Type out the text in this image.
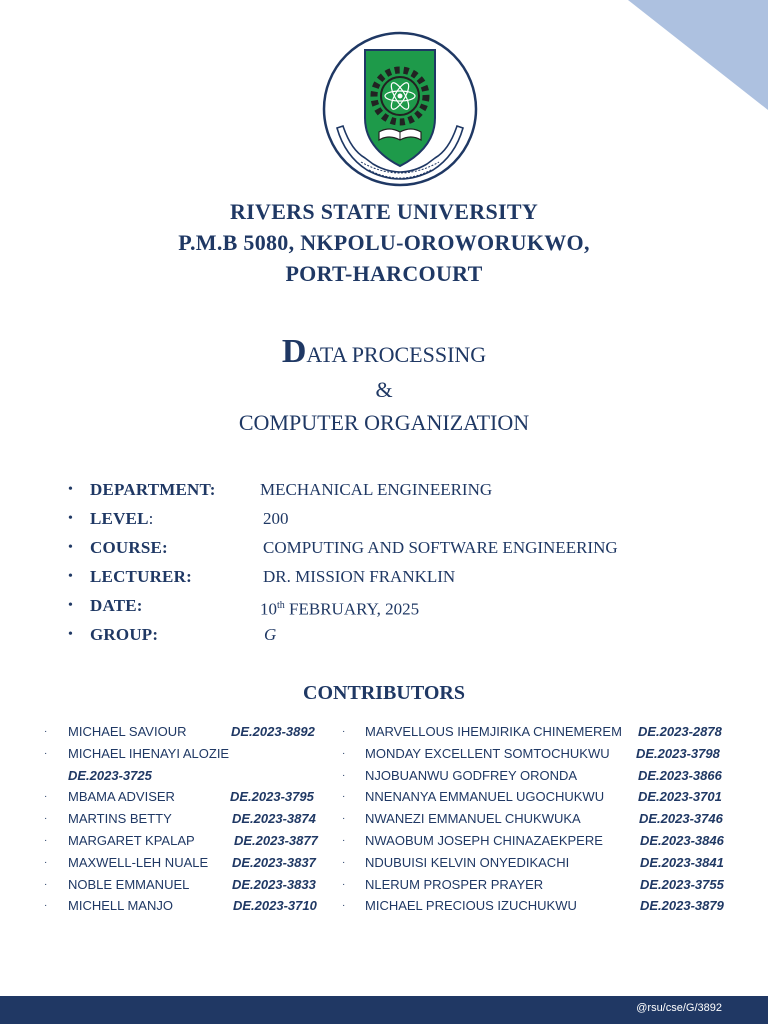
RIVERS STATE UNIVERSITY
P.M.B 5080, NKPOLU-OROWORUKWO,
PORT-HARCOURT
DATA PROCESSING
&
COMPUTER ORGANIZATION
• DEPARTMENT:	MECHANICAL ENGINEERING
• LEVEL:	200
• COURSE:	COMPUTING AND SOFTWARE ENGINEERING
• LECTURER:	DR. MISSION FRANKLIN
• DATE:	10th FEBRUARY, 2025
• GROUP:	G
CONTRIBUTORS
· MICHAEL SAVIOUR	DE.2023-3892
· MICHAEL IHENAYI ALOZIE
DE.2023-3725
· MBAMA ADVISER	DE.2023-3795
· MARTINS BETTY	DE.2023-3874
· MARGARET KPALAP	DE.2023-3877
· MAXWELL-LEH NUALE DE.2023-3837
· NOBLE EMMANUEL	DE.2023-3833
· MICHELL MANJO	DE.2023-3710
· MARVELLOUS IHEMJIRIKA CHINEMEREM DE.2023-2878
· MONDAY EXCELLENT SOMTOCHUKWU DE.2023-3798
· NJOBUANWU GODFREY ORONDA	DE.2023-3866
· NNENANYA EMMANUEL UGOCHUKWU	DE.2023-3701
· NWANEZI EMMANUEL CHUKWUKA	DE.2023-3746
· NWAOBUM JOSEPH CHINAZAEKPERE	DE.2023-3846
· NDUBUISI KELVIN ONYEDIKACHI	DE.2023-3841
· NLERUM PROSPER PRAYER	DE.2023-3755
· MICHAEL PRECIOUS IZUCHUKWU	DE.2023-3879
@rsu/cse/G/3892
